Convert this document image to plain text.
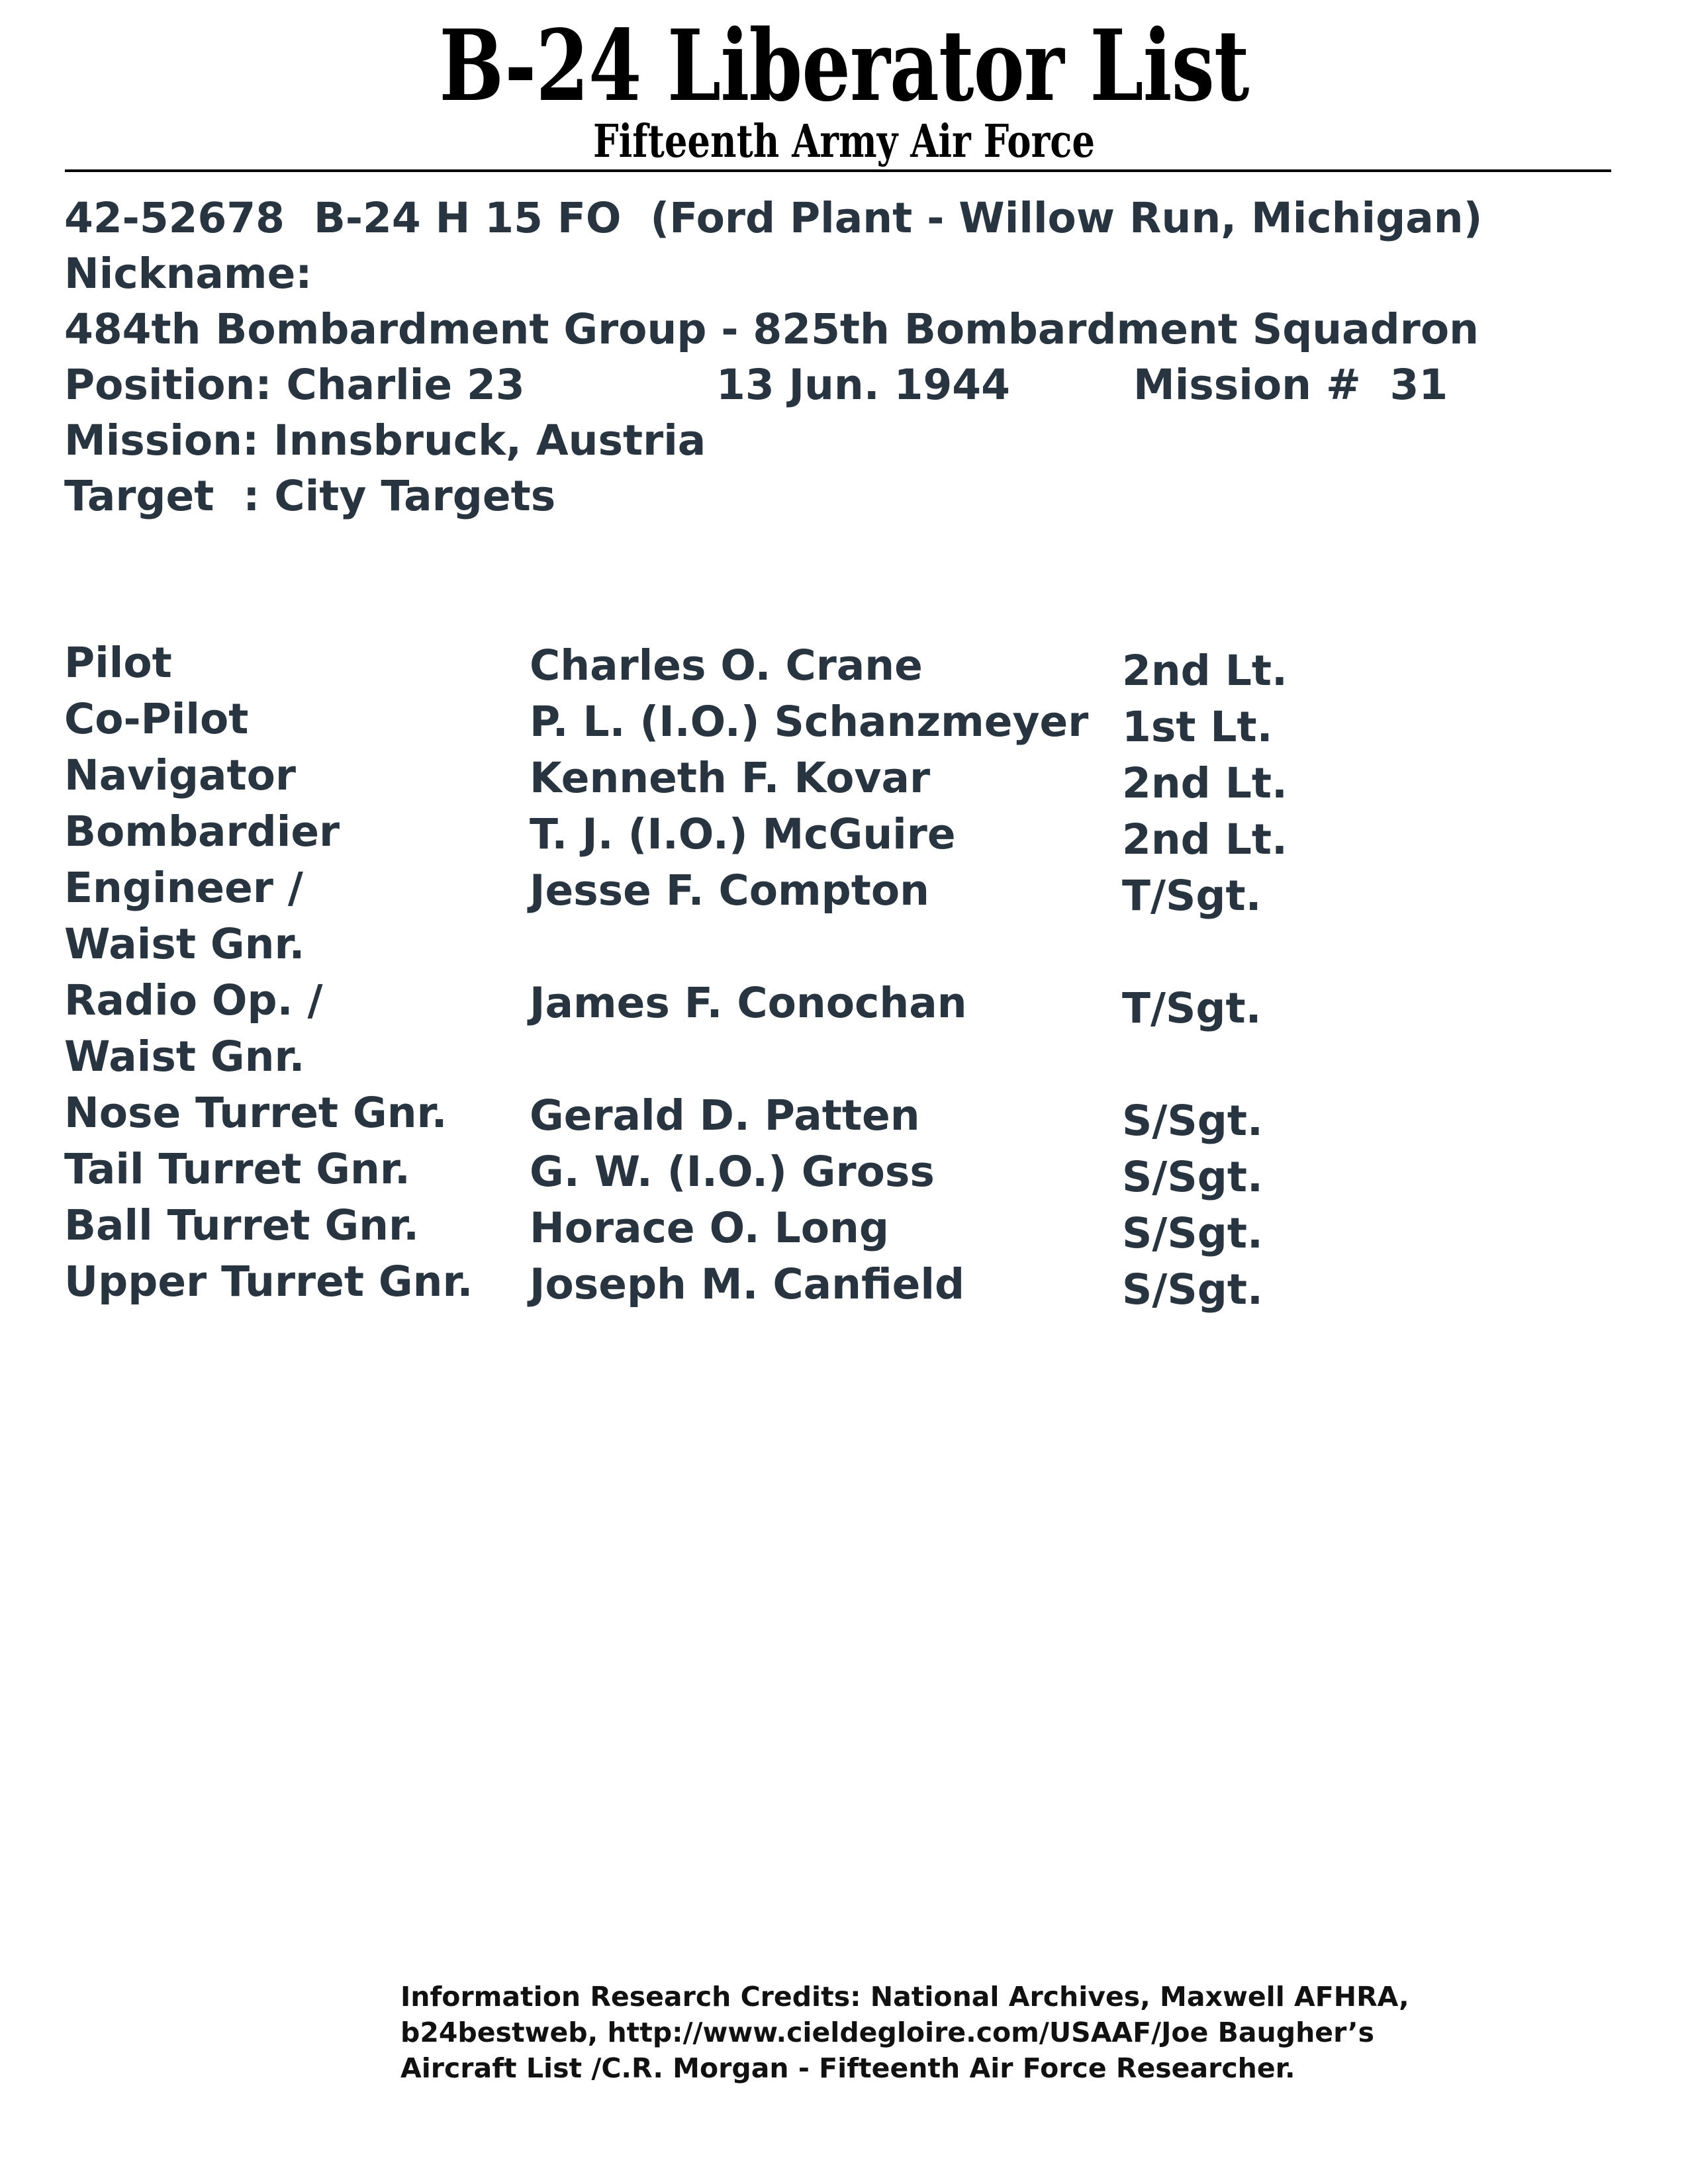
B-24 Liberator List
Fifteenth Army Air Force
42-52678  B-24 H 15 FO  (Ford Plant - Willow Run, Michigan)
Nickname:
484th Bombardment Group - 825th Bombardment Squadron
Position: Charlie 23	13 Jun. 1944	Mission #  31
Mission: Innsbruck, Austria
Target  : City Targets
Pilot	Charles O. Crane	2nd Lt.
Co-Pilot	P. L. (I.O.) Schanzmeyer 1st Lt.
Navigator	Kenneth F. Kovar	2nd Lt.
Bombardier	T. J. (I.O.) McGuire	2nd Lt.
Engineer /
Waist Gnr.
Jesse F. Compton	T/Sgt.
Radio Op. /
Waist Gnr.
James F. Conochan	T/Sgt.
Nose Turret Gnr. Gerald D. Patten	S/Sgt.
Tail Turret Gnr.	G. W. (I.O.) Gross	S/Sgt.
Ball Turret Gnr.	Horace O. Long	S/Sgt.
Upper Turret Gnr. Joseph M. Canfield	S/Sgt.
Information Research Credits: National Archives, Maxwell AFHRA,
b24bestweb, http://www.cieldegloire.com/USAAF/Joe Baugher’s
Aircraft List /C.R. Morgan - Fifteenth Air Force Researcher.
